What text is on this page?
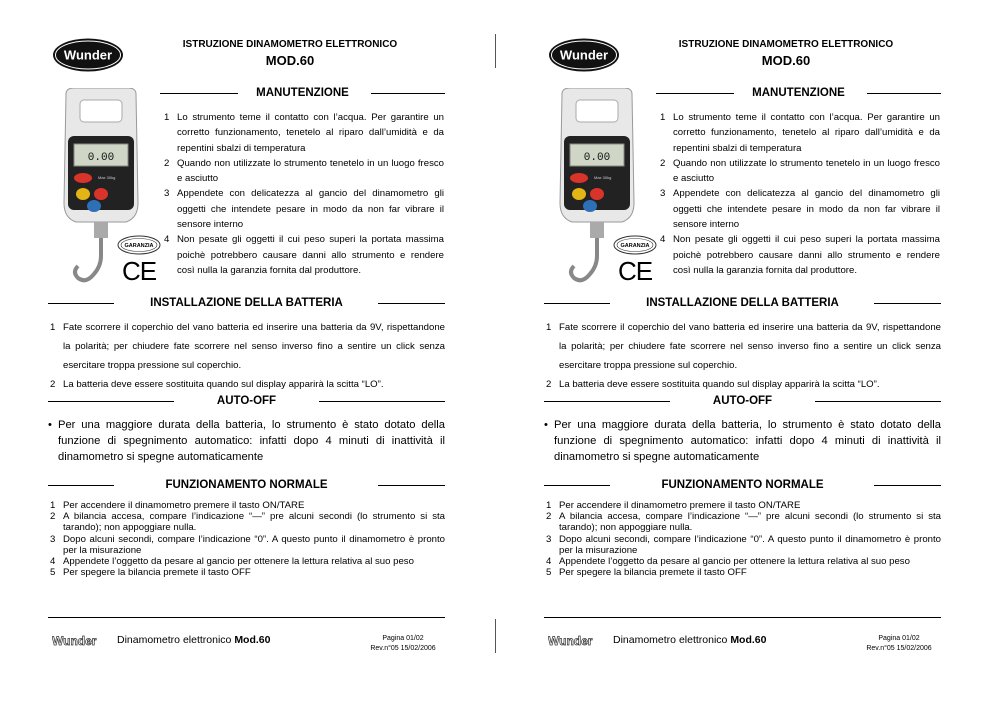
Wunder
ISTRUZIONE DINAMOMETRO ELETTRONICO
MOD.60
MANUTENZIONE
0.00
Max 30kg
GARANZIA
CE
1 Lo strumento teme il contatto con l’acqua. Per garantire un corretto funzionamento, tenetelo al riparo dall’umidità e da repentini sbalzi di temperatura
2 Quando non utilizzate lo strumento tenetelo in un luogo fresco e asciutto
3 Appendete con delicatezza al gancio del dinamometro gli oggetti che intendete pesare in modo da non far vibrare il sensore interno
4 Non pesate gli oggetti il cui peso superi la portata massima poichè potrebbero causare danni allo strumento e rendere così nulla la garanzia fornita dal produttore.
INSTALLAZIONE DELLA BATTERIA
1 Fate scorrere il coperchio del vano batteria ed inserire una batteria da 9V, rispettandone la polarità; per chiudere fate scorrere nel senso inverso fino a sentire un click senza esercitare troppa pressione sul coperchio.
2 La batteria deve essere sostituita quando sul display apparirà la scitta “LO”.
AUTO-OFF
• Per una maggiore durata della batteria, lo strumento è stato dotato della funzione di spegnimento automatico: infatti dopo 4 minuti di inattività il dinamometro si spegne automaticamente
FUNZIONAMENTO NORMALE
1 Per accendere il dinamometro premere il tasto ON/TARE
2 A bilancia accesa, compare l’indicazione “—” pre alcuni secondi (lo strumento si sta tarando); non appoggiare nulla.
3 Dopo alcuni secondi, compare l’indicazione “0”. A questo punto il dinamometro è pronto per la misurazione
4 Appendete l’oggetto da pesare al gancio per ottenere la lettura relativa al suo peso
5 Per spegere la bilancia premete il tasto OFF
Wunder Dinamometro elettronico Mod.60	Pagina 01/02
Rev.n°05 15/02/2006
Wunder
ISTRUZIONE DINAMOMETRO ELETTRONICO
MOD.60
MANUTENZIONE
0.00
Max 30kg
GARANZIA
CE
1 Lo strumento teme il contatto con l’acqua. Per garantire un corretto funzionamento, tenetelo al riparo dall’umidità e da repentini sbalzi di temperatura
2 Quando non utilizzate lo strumento tenetelo in un luogo fresco e asciutto
3 Appendete con delicatezza al gancio del dinamometro gli oggetti che intendete pesare in modo da non far vibrare il sensore interno
4 Non pesate gli oggetti il cui peso superi la portata massima poichè potrebbero causare danni allo strumento e rendere così nulla la garanzia fornita dal produttore.
INSTALLAZIONE DELLA BATTERIA
1 Fate scorrere il coperchio del vano batteria ed inserire una batteria da 9V, rispettandone la polarità; per chiudere fate scorrere nel senso inverso fino a sentire un click senza esercitare troppa pressione sul coperchio.
2 La batteria deve essere sostituita quando sul display apparirà la scitta “LO”.
AUTO-OFF
• Per una maggiore durata della batteria, lo strumento è stato dotato della funzione di spegnimento automatico: infatti dopo 4 minuti di inattività il dinamometro si spegne automaticamente
FUNZIONAMENTO NORMALE
1 Per accendere il dinamometro premere il tasto ON/TARE
2 A bilancia accesa, compare l’indicazione “—” pre alcuni secondi (lo strumento si sta tarando); non appoggiare nulla.
3 Dopo alcuni secondi, compare l’indicazione “0”. A questo punto il dinamometro è pronto per la misurazione
4 Appendete l’oggetto da pesare al gancio per ottenere la lettura relativa al suo peso
5 Per spegere la bilancia premete il tasto OFF
Wunder Dinamometro elettronico Mod.60	Pagina 01/02
Rev.n°05 15/02/2006
